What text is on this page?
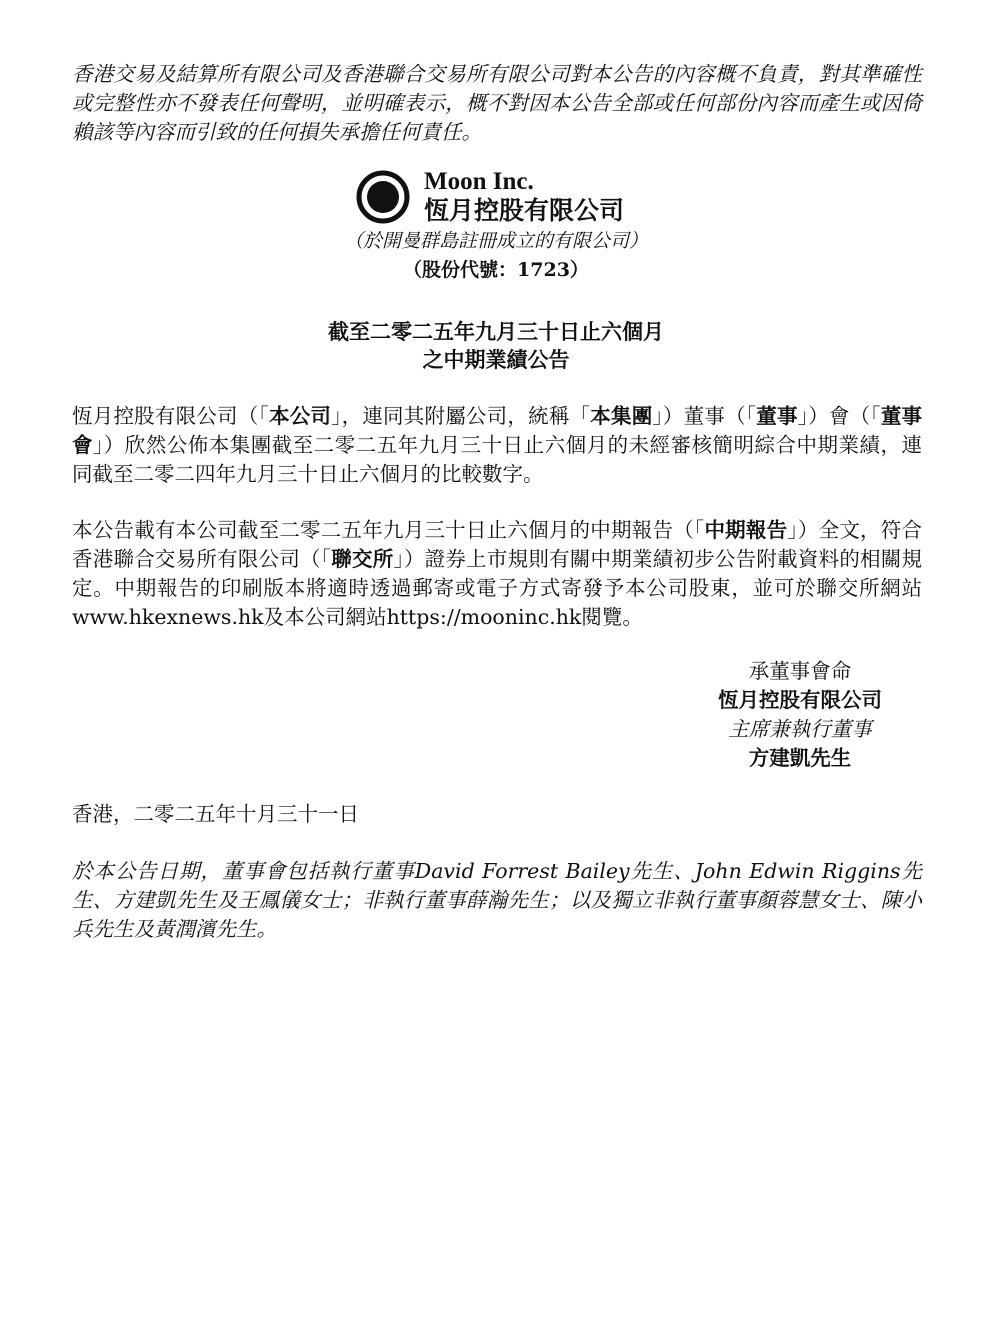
香港交易及結算所有限公司及香港聯合交易所有限公司對本公告的內容概不負責，對其準確性或完整性亦不發表任何聲明，並明確表示，概不對因本公告全部或任何部份內容而產生或因倚賴該等內容而引致的任何損失承擔任何責任。

Moon Inc.
恆月控股有限公司
（於開曼群島註冊成立的有限公司）
（股份代號：1723）
截至二零二五年九月三十日止六個月
之中期業績公告

恆月控股有限公司（「本公司」，連同其附屬公司，統稱「本集團」）董事（「董事」）會（「董事會」）欣然公佈本集團截至二零二五年九月三十日止六個月的未經審核簡明綜合中期業績，連同截至二零二四年九月三十日止六個月的比較數字。

本公告載有本公司截至二零二五年九月三十日止六個月的中期報告（「中期報告」）全文，符合香港聯合交易所有限公司（「聯交所」）證券上市規則有關中期業績初步公告附載資料的相關規定。中期報告的印刷版本將適時透過郵寄或電子方式寄發予本公司股東，並可於聯交所網站www.hkexnews.hk及本公司網站https://mooninc.hk閱覽。

承董事會命
恆月控股有限公司
主席兼執行董事
方建凱先生

香港，二零二五年十月三十一日

於本公告日期，董事會包括執行董事David Forrest Bailey先生、John Edwin Riggins先生、方建凱先生及王鳳儀女士；非執行董事薛瀚先生；以及獨立非執行董事顏蓉慧女士、陳小兵先生及黃潤濱先生。
